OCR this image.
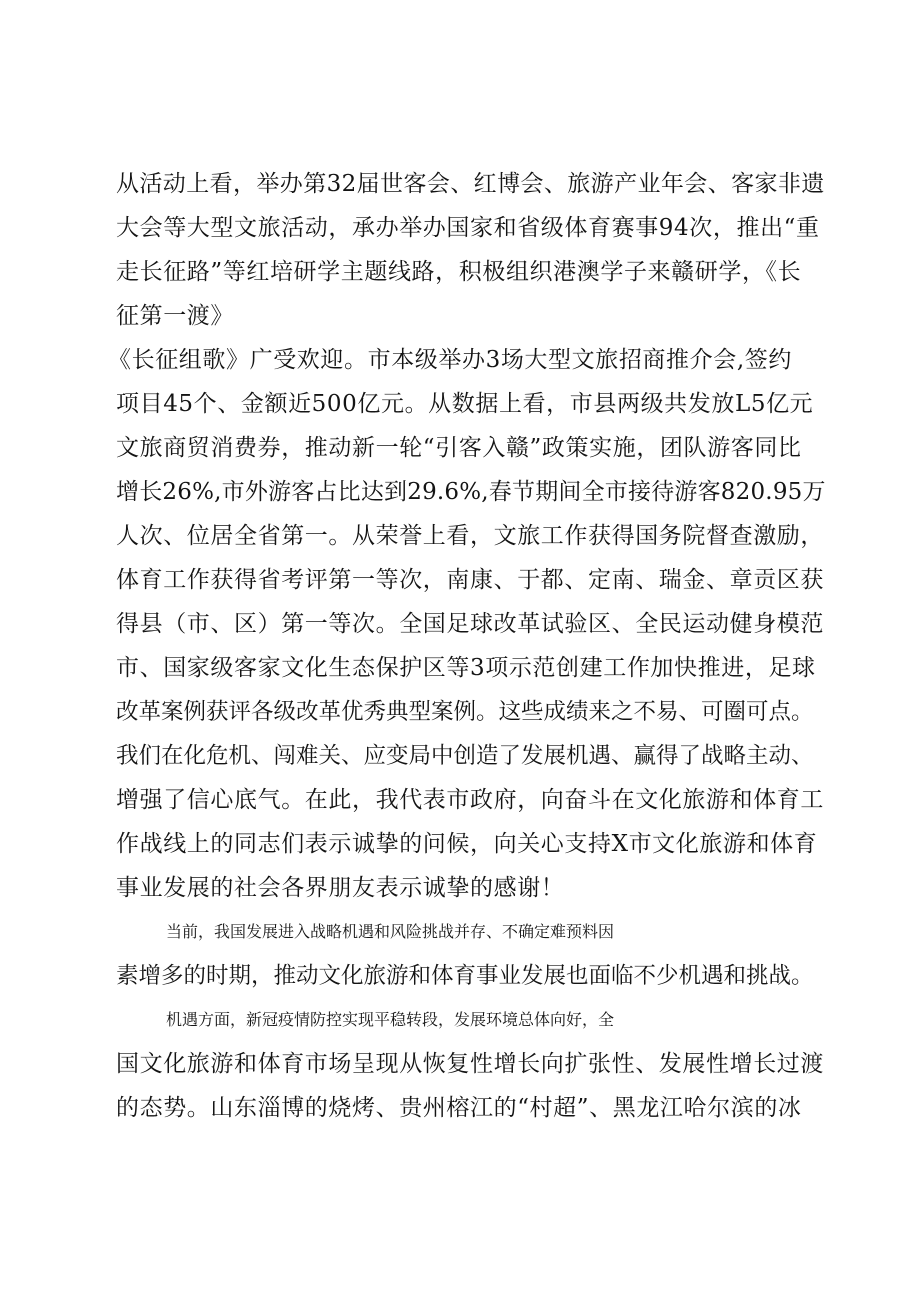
从活动上看，举办第32届世客会、红博会、旅游产业年会、客家非遗
大会等大型文旅活动，承办举办国家和省级体育赛事94次，推出“重
走长征路”等红培研学主题线路，积极组织港澳学子来赣研学，《长
征第一渡》
《长征组歌》广受欢迎。市本级举办3场大型文旅招商推介会,签约
项目45个、金额近500亿元。从数据上看，市县两级共发放L5亿元
文旅商贸消费券，推动新一轮“引客入赣”政策实施，团队游客同比
增长26%,市外游客占比达到29.6%,春节期间全市接待游客820.95万
人次、位居全省第一。从荣誉上看，文旅工作获得国务院督查激励，
体育工作获得省考评第一等次，南康、于都、定南、瑞金、章贡区获
得县（市、区）第一等次。全国足球改革试验区、全民运动健身模范
市、国家级客家文化生态保护区等3项示范创建工作加快推进，足球
改革案例获评各级改革优秀典型案例。这些成绩来之不易、可圈可点。
我们在化危机、闯难关、应变局中创造了发展机遇、赢得了战略主动、
增强了信心底气。在此，我代表市政府，向奋斗在文化旅游和体育工
作战线上的同志们表示诚挚的问候，向关心支持X市文化旅游和体育
事业发展的社会各界朋友表示诚挚的感谢！
当前，我国发展进入战略机遇和风险挑战并存、不确定难预料因
素增多的时期，推动文化旅游和体育事业发展也面临不少机遇和挑战。
机遇方面，新冠疫情防控实现平稳转段，发展环境总体向好，全
国文化旅游和体育市场呈现从恢复性增长向扩张性、发展性增长过渡
的态势。山东淄博的烧烤、贵州榕江的“村超”、黑龙江哈尔滨的冰
